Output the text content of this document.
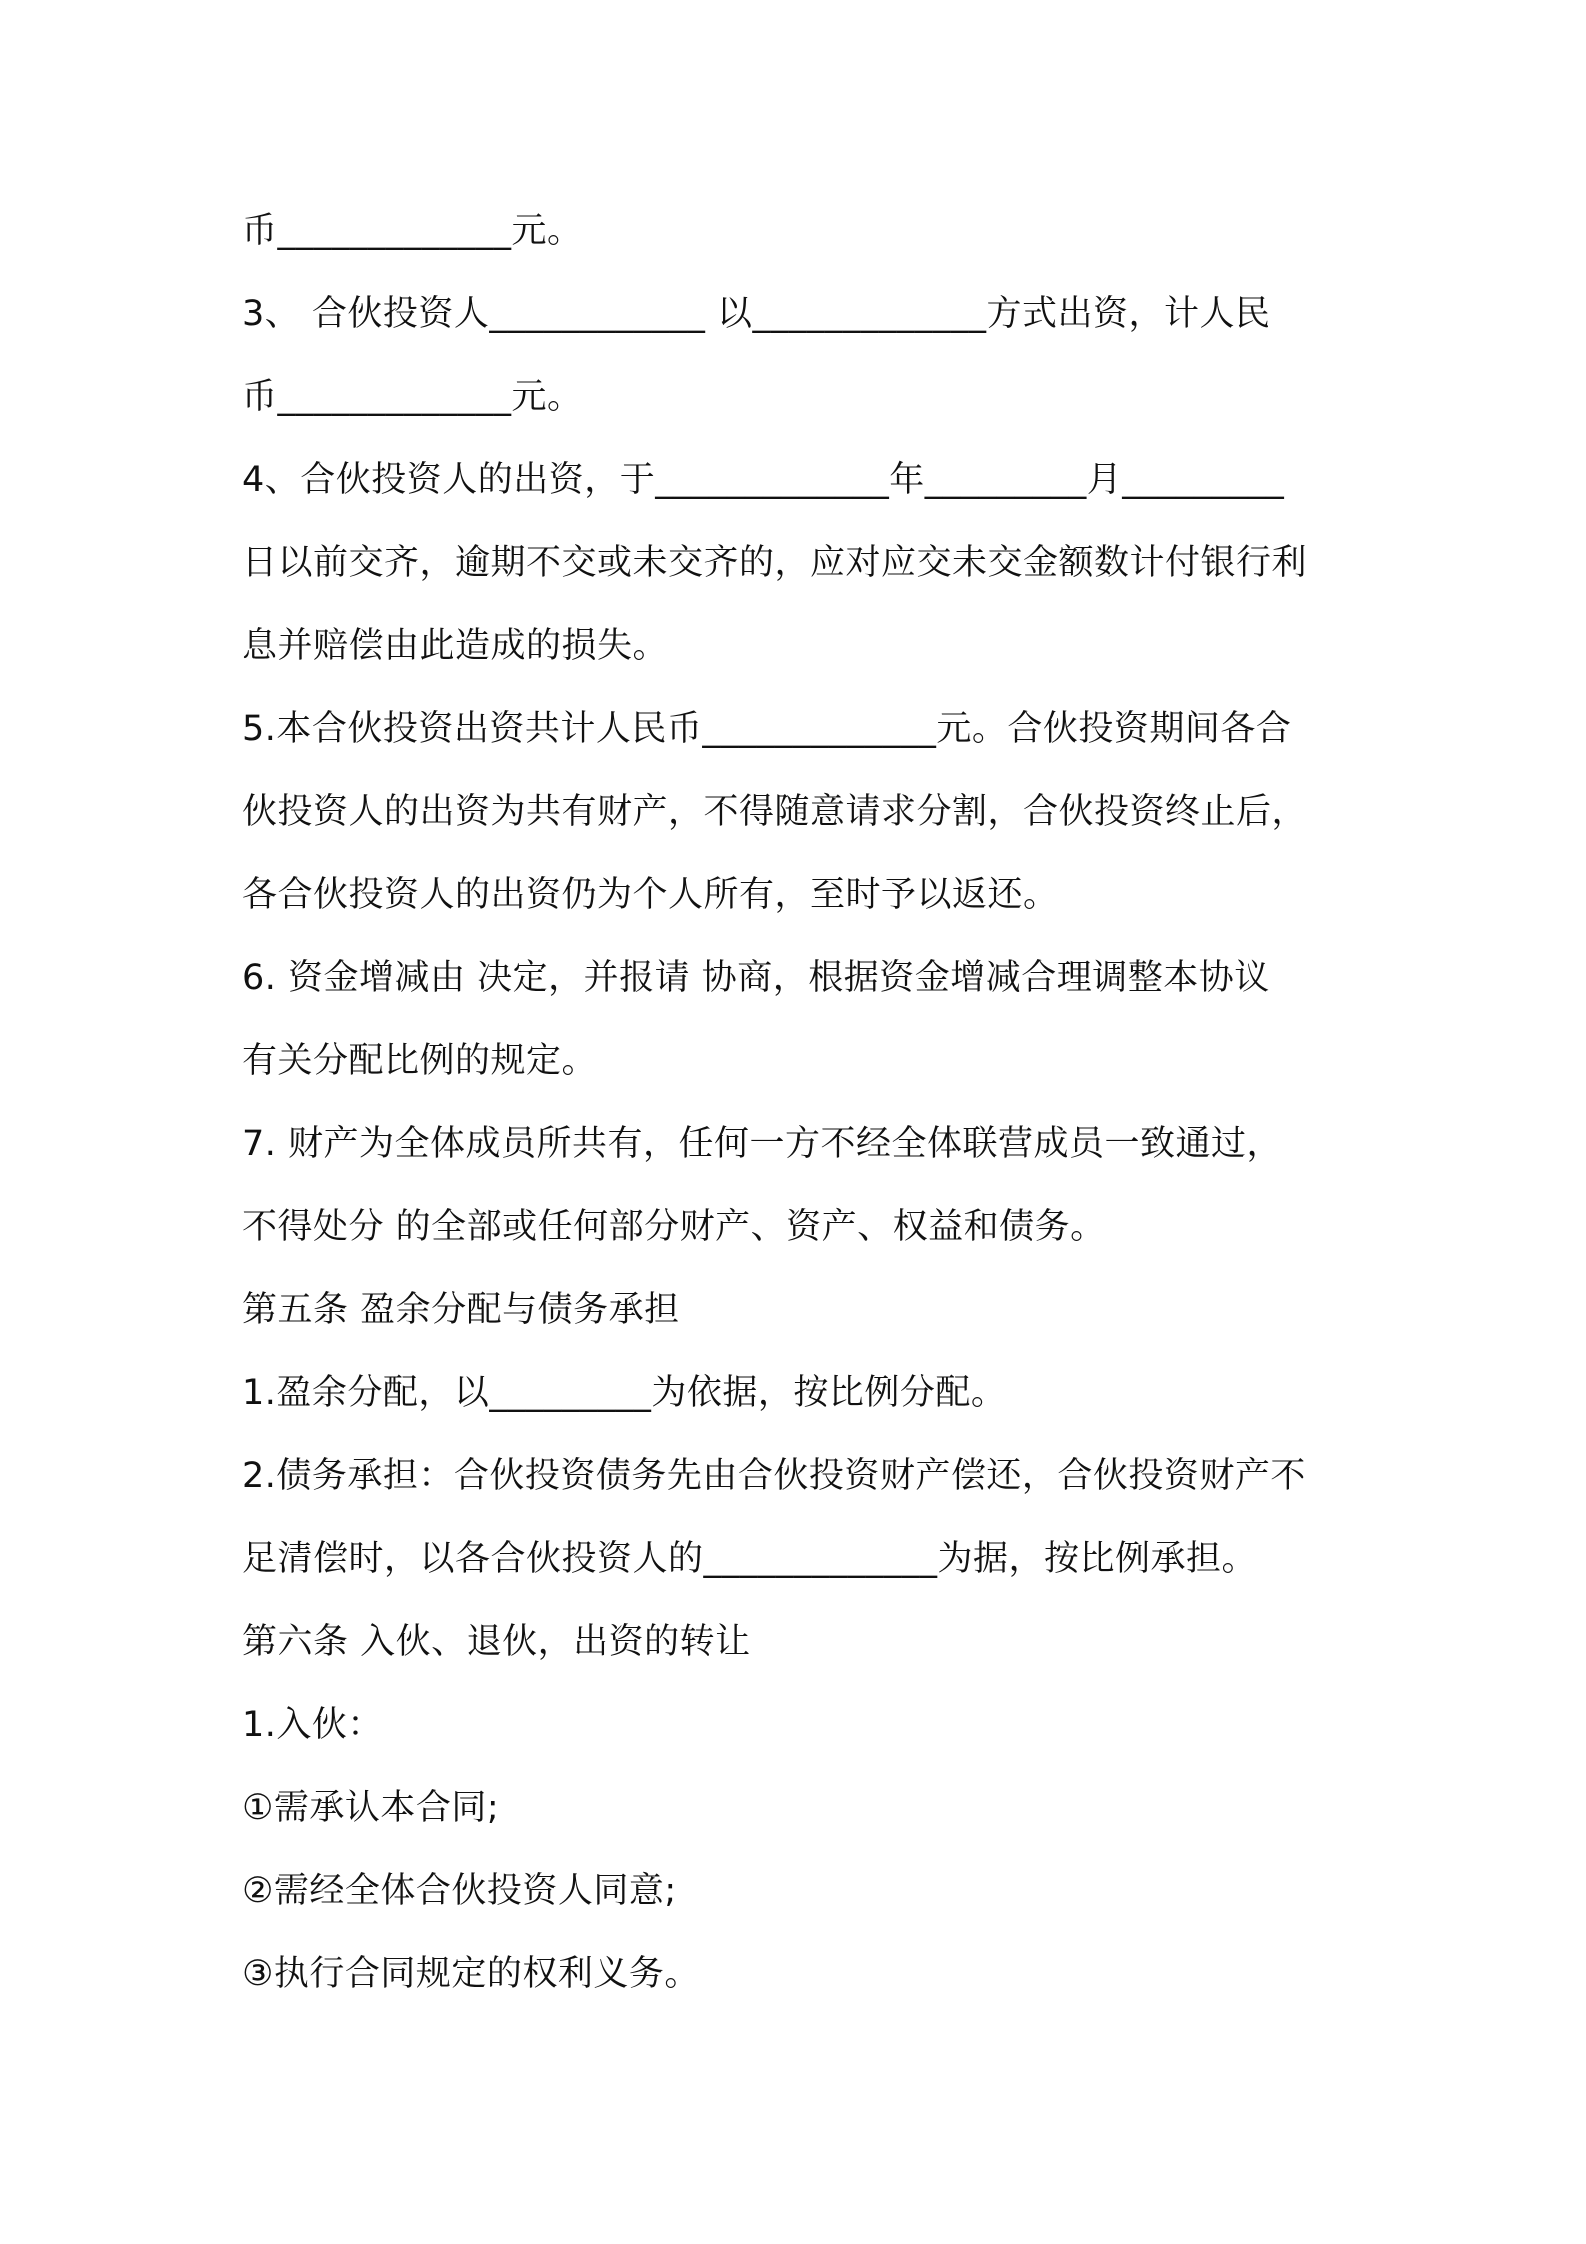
币_____________元。
3、 合伙投资人____________ 以_____________方式出资，计人民
币_____________元。
4、合伙投资人的出资，于_____________年_________月_________
日以前交齐，逾期不交或未交齐的，应对应交未交金额数计付银行利
息并赔偿由此造成的损失。
5.本合伙投资出资共计人民币_____________元。合伙投资期间各合
伙投资人的出资为共有财产，不得随意请求分割，合伙投资终止后，
各合伙投资人的出资仍为个人所有，至时予以返还。
6. 资金增减由 决定，并报请 协商，根据资金增减合理调整本协议
有关分配比例的规定。
7. 财产为全体成员所共有，任何一方不经全体联营成员一致通过，
不得处分 的全部或任何部分财产、资产、权益和债务。
第五条 盈余分配与债务承担
1.盈余分配，以_________为依据，按比例分配。
2.债务承担：合伙投资债务先由合伙投资财产偿还，合伙投资财产不
足清偿时，以各合伙投资人的_____________为据，按比例承担。
第六条 入伙、退伙，出资的转让
1.入伙：
①需承认本合同;
②需经全体合伙投资人同意;
③执行合同规定的权利义务。
